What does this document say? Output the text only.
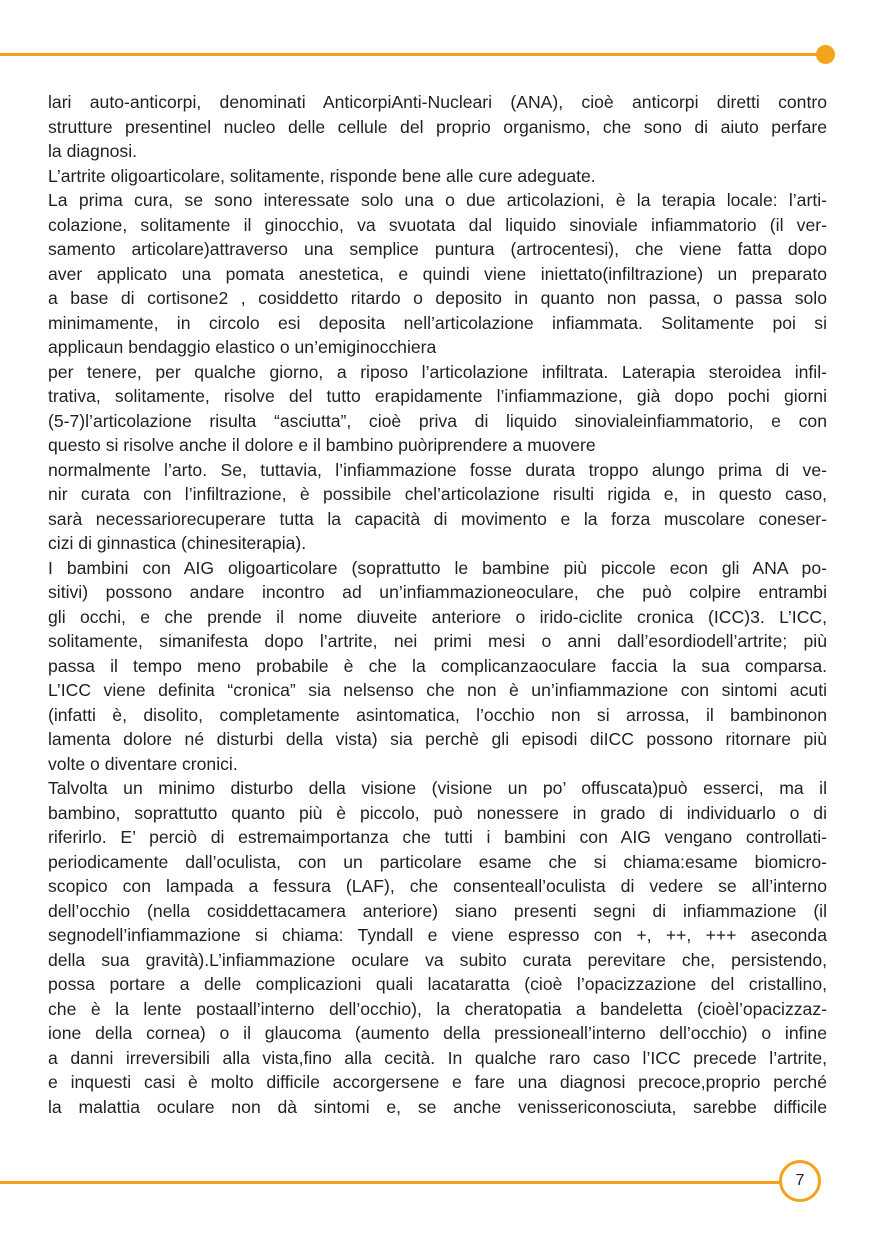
lari auto-anticorpi, denominati AnticorpiAnti-Nucleari (ANA), cioè anticorpi diretti contro
strutture presentinel nucleo delle cellule del proprio organismo, che sono di aiuto perfare
la diagnosi.
L’artrite oligoarticolare, solitamente, risponde bene alle cure adeguate.
La prima cura, se sono interessate solo una o due articolazioni, è la terapia locale: l’arti-
colazione, solitamente il ginocchio, va svuotata dal liquido sinoviale infiammatorio (il ver-
samento articolare)attraverso una semplice puntura (artrocentesi), che viene fatta dopo
aver applicato una pomata anestetica, e quindi viene iniettato(infiltrazione) un preparato
a base di cortisone2 , cosiddetto ritardo o deposito in quanto non passa, o passa solo
minimamente, in circolo esi deposita nell’articolazione infiammata. Solitamente poi si
applicaun bendaggio elastico o un’emiginocchiera
per tenere, per qualche giorno, a riposo l’articolazione infiltrata. Laterapia steroidea infil-
trativa, solitamente, risolve del tutto erapidamente l’infiammazione, già dopo pochi giorni
(5-7)l’articolazione risulta “asciutta”, cioè priva di liquido sinovialeinfiammatorio, e con
questo si risolve anche il dolore e il bambino puòriprendere a muovere
normalmente l’arto. Se, tuttavia, l’infiammazione fosse durata troppo alungo prima di ve-
nir curata con l’infiltrazione, è possibile chel’articolazione risulti rigida e, in questo caso,
sarà necessariorecuperare tutta la capacità di movimento e la forza muscolare coneser-
cizi di ginnastica (chinesiterapia).
I bambini con AIG oligoarticolare (soprattutto le bambine più piccole econ gli ANA po-
sitivi) possono andare incontro ad un’infiammazioneoculare, che può colpire entrambi
gli occhi, e che prende il nome diuveite anteriore o irido-ciclite cronica (ICC)3. L’ICC,
solitamente, simanifesta dopo l’artrite, nei primi mesi o anni dall’esordiodell’artrite; più
passa il tempo meno probabile è che la complicanzaoculare faccia la sua comparsa.
L’ICC viene definita “cronica” sia nelsenso che non è un’infiammazione con sintomi acuti
(infatti è, disolito, completamente asintomatica, l’occhio non si arrossa, il bambinonon
lamenta dolore né disturbi della vista) sia perchè gli episodi diICC possono ritornare più
volte o diventare cronici.
Talvolta un minimo disturbo della visione (visione un po’ offuscata)può esserci, ma il
bambino, soprattutto quanto più è piccolo, può nonessere in grado di individuarlo o di
riferirlo. E’ perciò di estremaimportanza che tutti i bambini con AIG vengano controllati-
periodicamente dall’oculista, con un particolare esame che si chiama:esame biomicro-
scopico con lampada a fessura (LAF), che consenteall’oculista di vedere se all’interno
dell’occhio (nella cosiddettacamera anteriore) siano presenti segni di infiammazione (il
segnodell’infiammazione si chiama: Tyndall e viene espresso con +, ++, +++ aseconda
della sua gravità).L’infiammazione oculare va subito curata perevitare che, persistendo,
possa portare a delle complicazioni quali lacataratta (cioè l’opacizzazione del cristallino,
che è la lente postaall’interno dell’occhio), la cheratopatia a bandeletta (cioèl’opacizzaz-
ione della cornea) o il glaucoma (aumento della pressioneall’interno dell’occhio) o infine
a danni irreversibili alla vista,fino alla cecità. In qualche raro caso l’ICC precede l’artrite,
e inquesti casi è molto difficile accorgersene e fare una diagnosi precoce,proprio perché
la malattia oculare non dà sintomi e, se anche venissericonosciuta, sarebbe difficile
7
